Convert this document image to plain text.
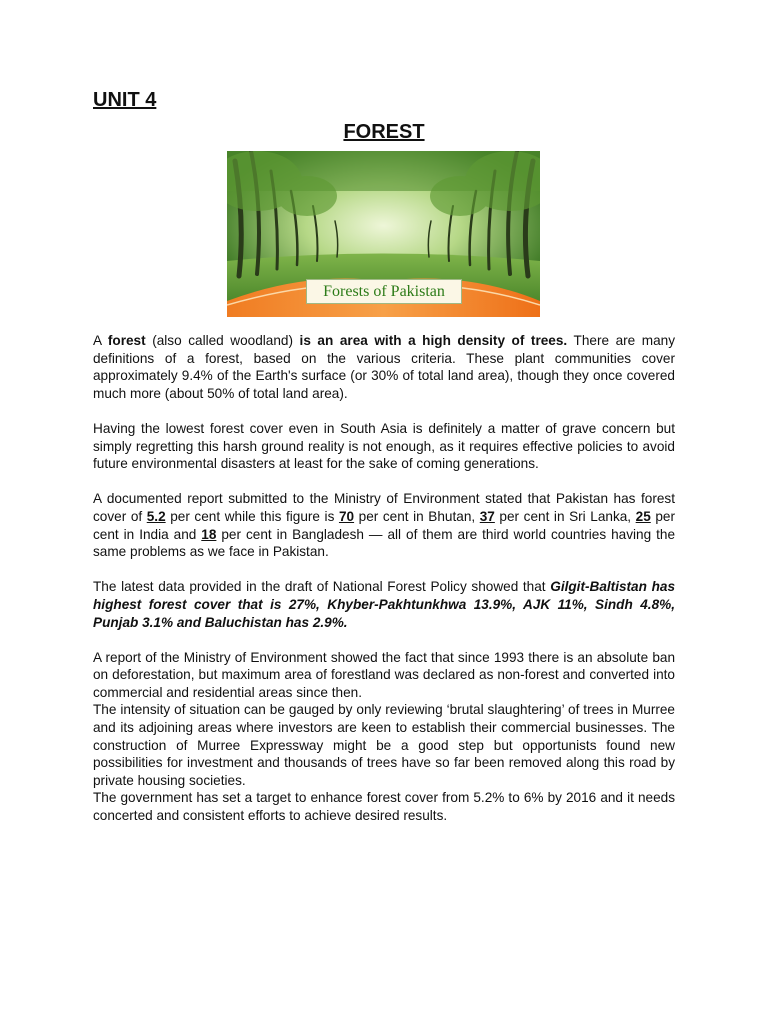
UNIT 4
FOREST
Forests of Pakistan

A forest (also called woodland) is an area with a high density of trees. There are many definitions of a forest, based on the various criteria. These plant communities cover approximately 9.4% of the Earth's surface (or 30% of total land area), though they once covered much more (about 50% of total land area).

Having the lowest forest cover even in South Asia is definitely a matter of grave concern but simply regretting this harsh ground reality is not enough, as it requires effective policies to avoid future environmental disasters at least for the sake of coming generations.

A documented report submitted to the Ministry of Environment stated that Pakistan has forest cover of 5.2 per cent while this figure is 70 per cent in Bhutan, 37 per cent in Sri Lanka, 25 per cent in India and 18 per cent in Bangladesh — all of them are third world countries having the same problems as we face in Pakistan.

The latest data provided in the draft of National Forest Policy showed that Gilgit-Baltistan has highest forest cover that is 27%, Khyber-Pakhtunkhwa 13.9%, AJK 11%, Sindh 4.8%, Punjab 3.1% and Baluchistan has 2.9%.

A report of the Ministry of Environment showed the fact that since 1993 there is an absolute ban on deforestation, but maximum area of forestland was declared as non-forest and converted into commercial and residential areas since then.

The intensity of situation can be gauged by only reviewing ‘brutal slaughtering’ of trees in Murree and its adjoining areas where investors are keen to establish their commercial businesses. The construction of Murree Expressway might be a good step but opportunists found new possibilities for investment and thousands of trees have so far been removed along this road by private housing societies.

The government has set a target to enhance forest cover from 5.2% to 6% by 2016 and it needs concerted and consistent efforts to achieve desired results.
